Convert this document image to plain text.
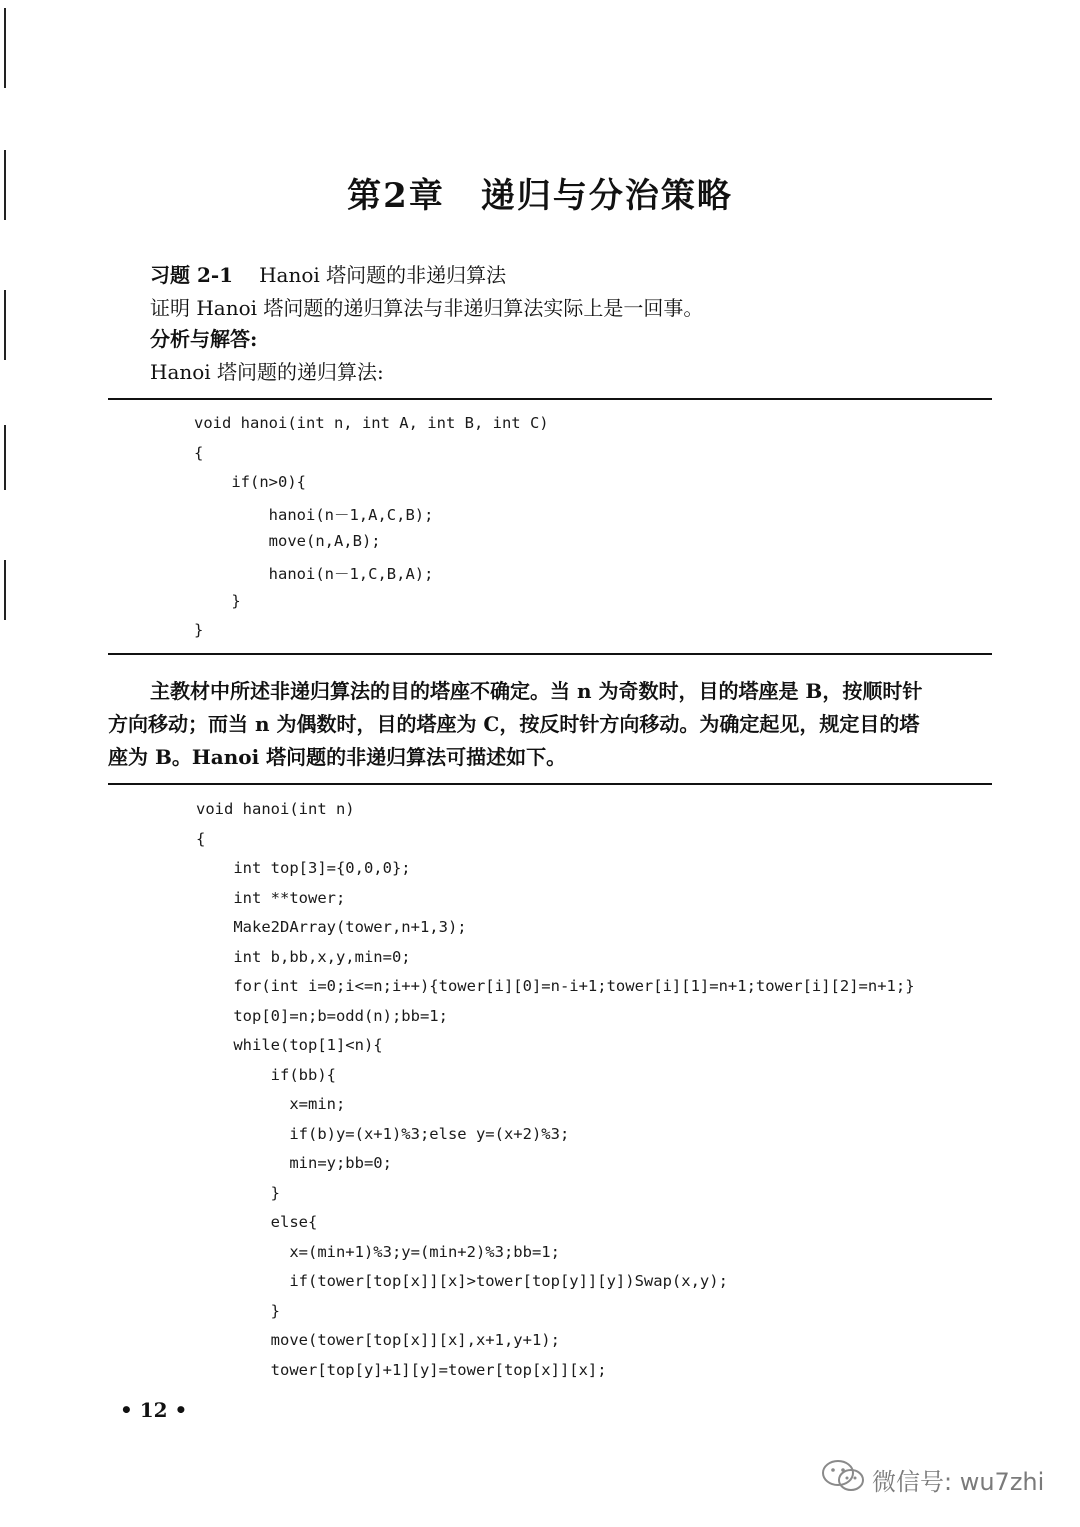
第2章 递归与分治策略
习题 2-1 Hanoi 塔问题的非递归算法
证明 Hanoi 塔问题的递归算法与非递归算法实际上是一回事。
分析与解答:
Hanoi 塔问题的递归算法:
void hanoi(int n, int A, int B, int C)
{
if(n>0){
hanoi(n－1,A,C,B);
move(n,A,B);
hanoi(n－1,C,B,A);
}
}
主教材中所述非递归算法的目的塔座不确定。当 n 为奇数时，目的塔座是 B，按顺时针
方向移动；而当 n 为偶数时，目的塔座为 C，按反时针方向移动。为确定起见，规定目的塔
座为 B。Hanoi 塔问题的非递归算法可描述如下。
void hanoi(int n)
{
int top[3]={0,0,0};
int **tower;
Make2DArray(tower,n+1,3);
int b,bb,x,y,min=0;
for(int i=0;i<=n;i++){tower[i][0]=n-i+1;tower[i][1]=n+1;tower[i][2]=n+1;}
top[0]=n;b=odd(n);bb=1;
while(top[1]<n){
if(bb){
x=min;
if(b)y=(x+1)%3;else y=(x+2)%3;
min=y;bb=0;
}
else{
x=(min+1)%3;y=(min+2)%3;bb=1;
if(tower[top[x]][x]>tower[top[y]][y])Swap(x,y);
}
move(tower[top[x]][x],x+1,y+1);
tower[top[y]+1][y]=tower[top[x]][x];
• 12 •
微信号: wu7zhi
